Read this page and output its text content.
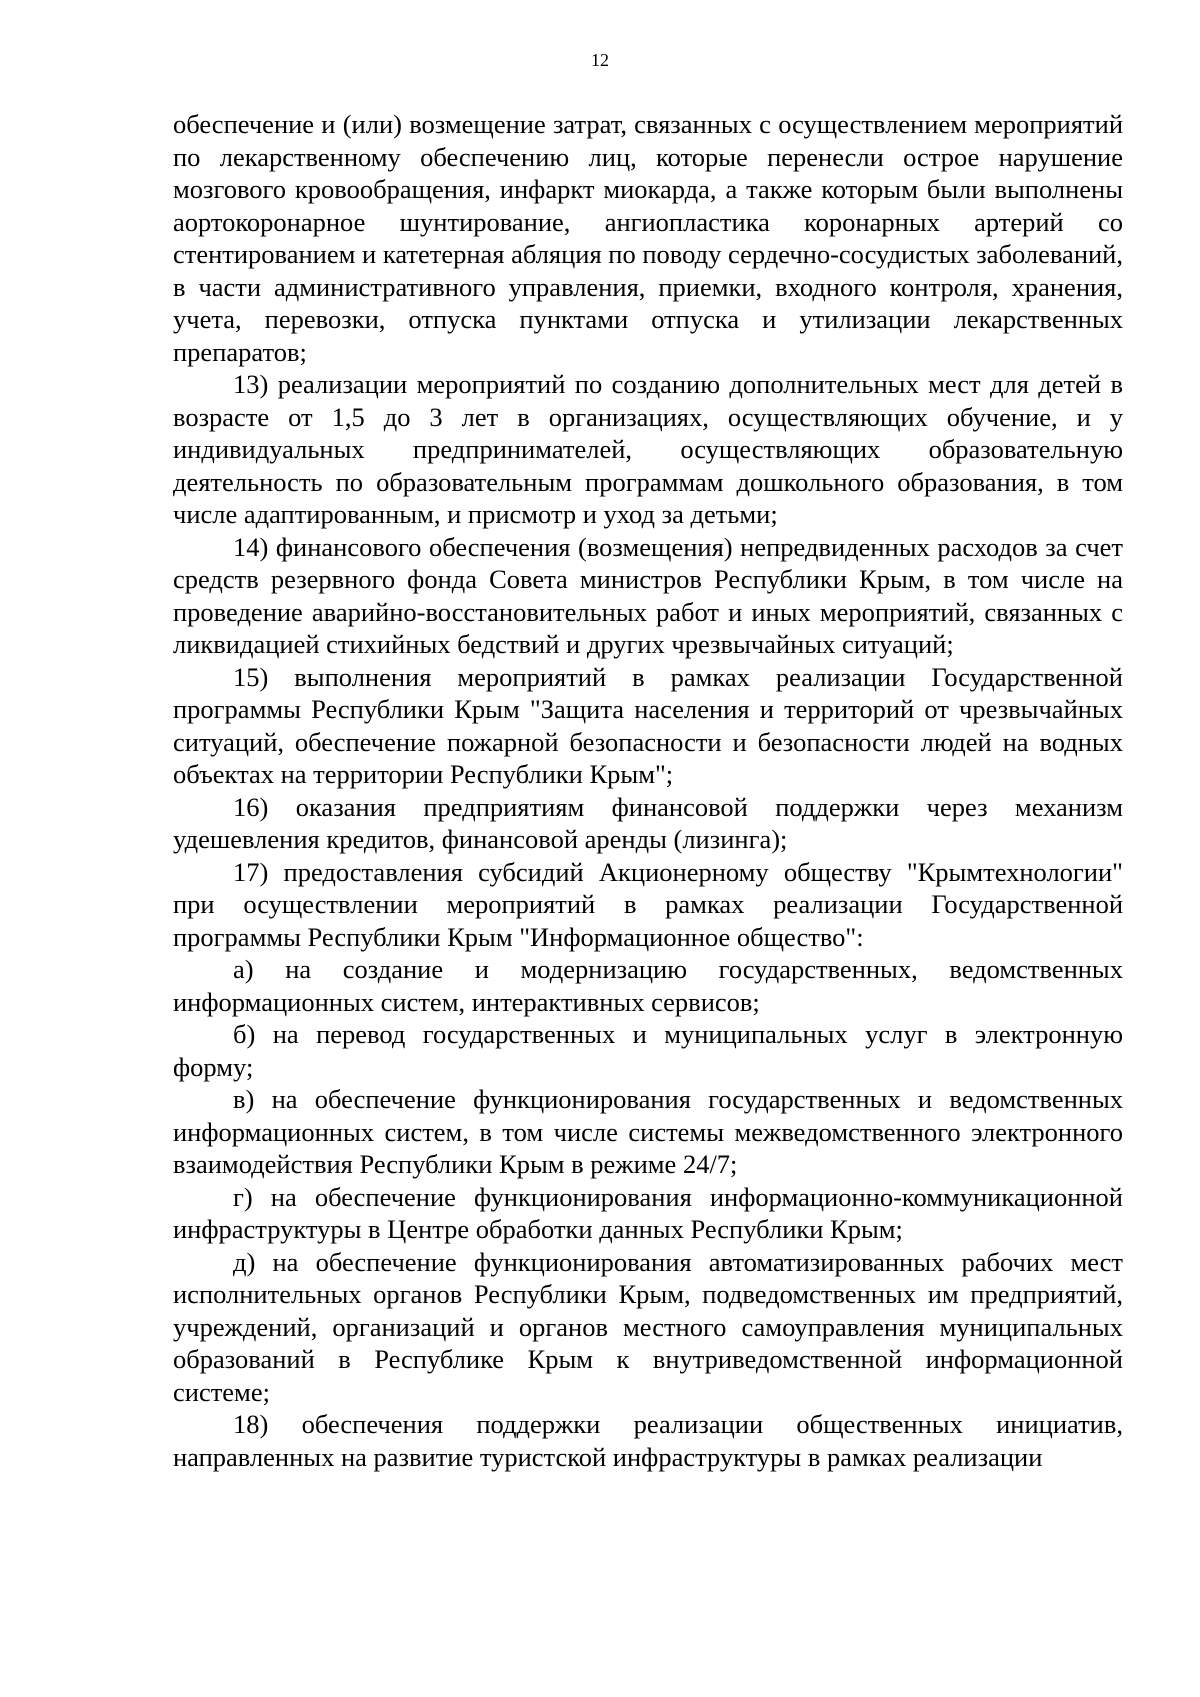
12

обеспечение и (или) возмещение затрат, связанных с осуществлением мероприятий по лекарственному обеспечению лиц, которые перенесли острое нарушение мозгового кровообращения, инфаркт миокарда, а также которым были выполнены аортокоронарное шунтирование, ангиопластика коронарных артерий со стентированием и катетерная абляция по поводу сердечно-сосудистых заболеваний, в части административного управления, приемки, входного контроля, хранения, учета, перевозки, отпуска пунктами отпуска и утилизации лекарственных препаратов;

13) реализации мероприятий по созданию дополнительных мест для детей в возрасте от 1,5 до 3 лет в организациях, осуществляющих обучение, и у индивидуальных предпринимателей, осуществляющих образовательную деятельность по образовательным программам дошкольного образования, в том числе адаптированным, и присмотр и уход за детьми;

14) финансового обеспечения (возмещения) непредвиденных расходов за счет средств резервного фонда Совета министров Республики Крым, в том числе на проведение аварийно-восстановительных работ и иных мероприятий, связанных с ликвидацией стихийных бедствий и других чрезвычайных ситуаций;

15) выполнения мероприятий в рамках реализации Государственной программы Республики Крым "Защита населения и территорий от чрезвычайных ситуаций, обеспечение пожарной безопасности и безопасности людей на водных объектах на территории Республики Крым";

16) оказания предприятиям финансовой поддержки через механизм удешевления кредитов, финансовой аренды (лизинга);

17) предоставления субсидий Акционерному обществу "Крымтехнологии" при осуществлении мероприятий в рамках реализации Государственной программы Республики Крым "Информационное общество":

а) на создание и модернизацию государственных, ведомственных информационных систем, интерактивных сервисов;

б) на перевод государственных и муниципальных услуг в электронную форму;

в) на обеспечение функционирования государственных и ведомственных информационных систем, в том числе системы межведомственного электронного взаимодействия Республики Крым в режиме 24/7;

г) на обеспечение функционирования информационно-коммуникационной инфраструктуры в Центре обработки данных Республики Крым;

д) на обеспечение функционирования автоматизированных рабочих мест исполнительных органов Республики Крым, подведомственных им предприятий, учреждений, организаций и органов местного самоуправления муниципальных образований в Республике Крым к внутриведомственной информационной системе;

18) обеспечения поддержки реализации общественных инициатив, направленных на развитие туристской инфраструктуры в рамках реализации
